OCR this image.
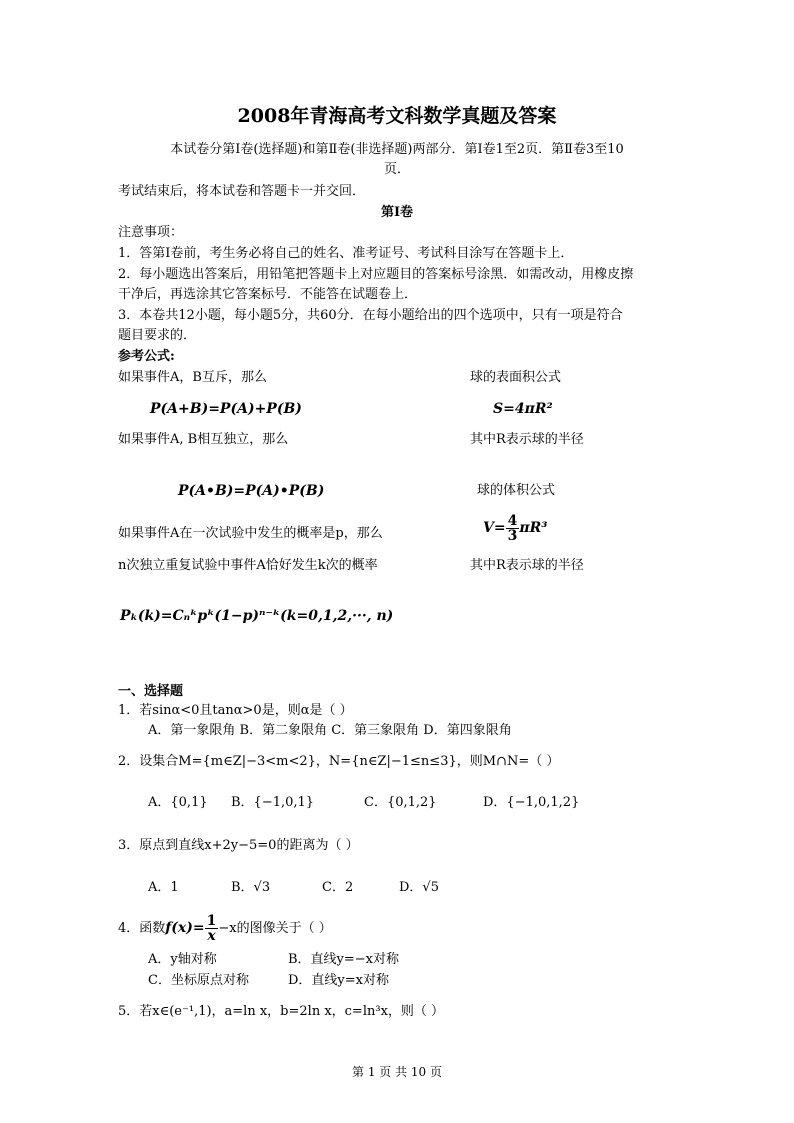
2008年青海高考文科数学真题及答案
本试卷分第Ⅰ卷(选择题)和第Ⅱ卷(非选择题)两部分．第Ⅰ卷1至2页．第Ⅱ卷3至10
页．
考试结束后，将本试卷和答题卡一并交回．
第Ⅰ卷
注意事项：
1．答第Ⅰ卷前，考生务必将自己的姓名、准考证号、考试科目涂写在答题卡上．
2．每小题选出答案后，用铅笔把答题卡上对应题目的答案标号涂黑．如需改动，用橡皮擦
干净后，再选涂其它答案标号．不能答在试题卷上．
3．本卷共12小题，每小题5分，共60分．在每小题给出的四个选项中，只有一项是符合
题目要求的．
参考公式:
如果事件A，B互斥，那么	球的表面积公式
P(A+B)=P(A)+P(B)	S=4πR²
如果事件A, B相互独立，那么	其中R表示球的半径
P(A•B)=P(A)•P(B)	球的体积公式
如果事件A在一次试验中发生的概率是p，那么	$V= \frac{4}{3} \pi R^3$
n次独立重复试验中事件A恰好发生k次的概率	其中R表示球的半径
Pₖ(k)=Cₙᵏpᵏ(1−p)ⁿ⁻ᵏ(k=0,1,2,···, n)
一、选择题
1．若sinα<0且tanα>0是，则α是（ ）
A．第一象限角 B．第二象限角 C．第三象限角 D．第四象限角
2．设集合M={m∈Z|−3<m<2}，N={n∈Z|−1≤n≤3}，则M∩N=（ ）
A．{0,1} B．{−1,0,1}	C．{0,1,2}	D．{−1,0,1,2}
3．原点到直线x+2y−5=0的距离为（ ）
A．1	B．√3	C．2	D．√5
4．函数$f(x)= \frac{1}{x} -x$的图像关于（ ）
A．y轴对称	B．直线y=−x对称
C．坐标原点对称	D．直线y=x对称
5．若x∈(e⁻¹,1)，a=ln x，b=2ln x，c=ln³x，则（ ）
第 1 页 共 10 页
